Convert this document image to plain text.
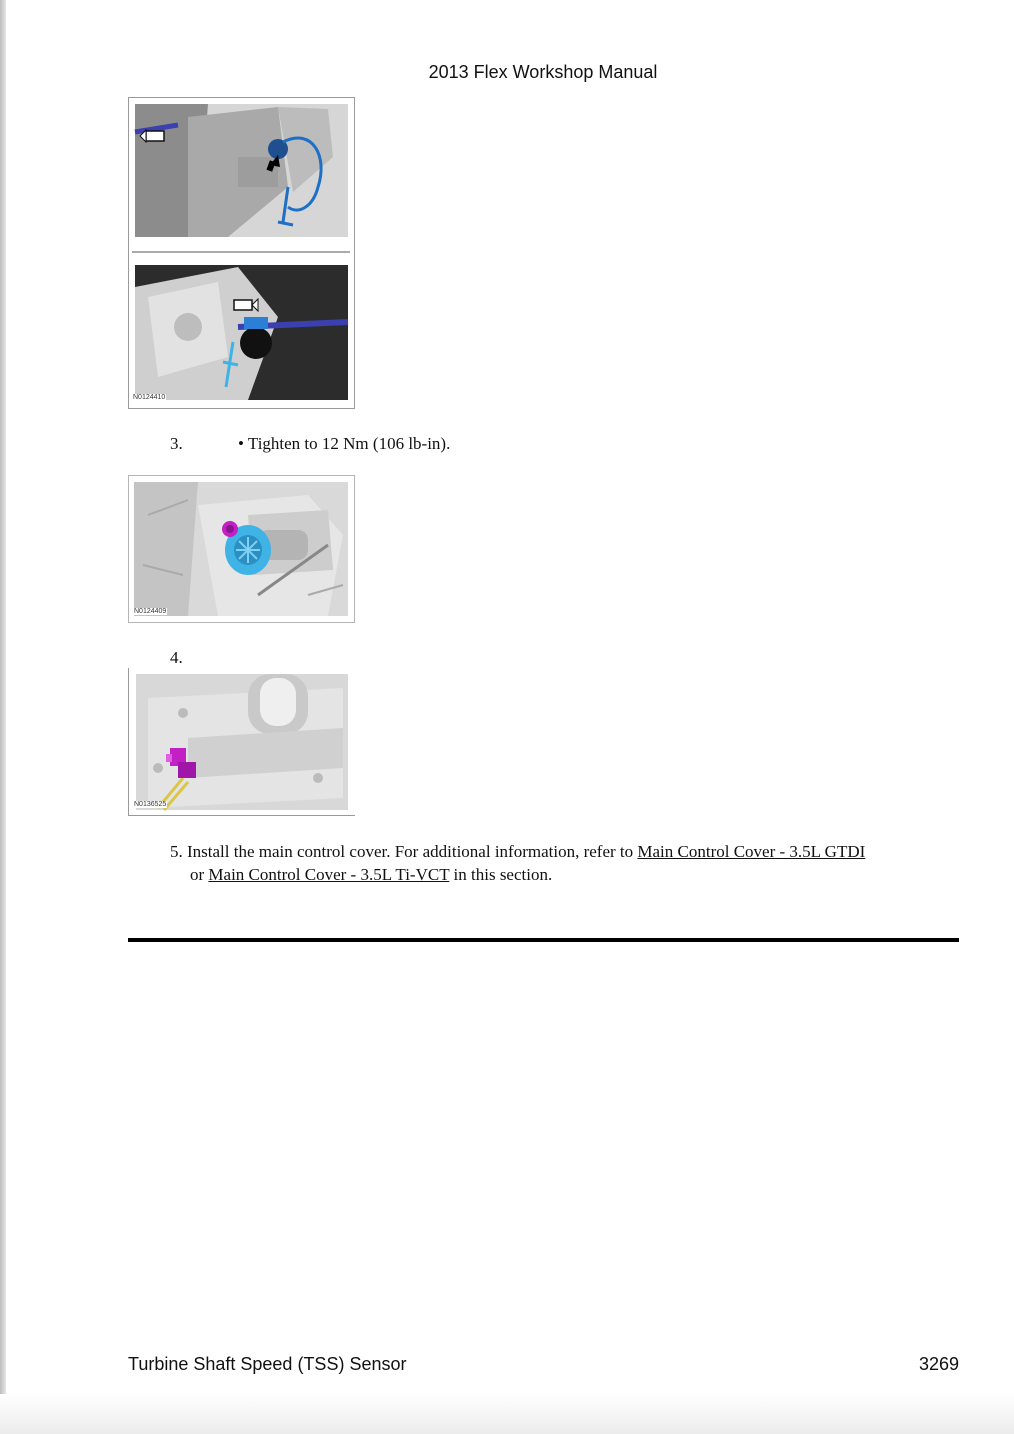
2013 Flex Workshop Manual
N0124410
3.	• Tighten to 12 Nm (106 lb-in).
N0124409
4.
N0136525
5. Install the main control cover. For additional information, refer to Main Control Cover - 3.5L GTDI
or Main Control Cover - 3.5L Ti-VCT in this section.
Turbine Shaft Speed (TSS) Sensor	3269
